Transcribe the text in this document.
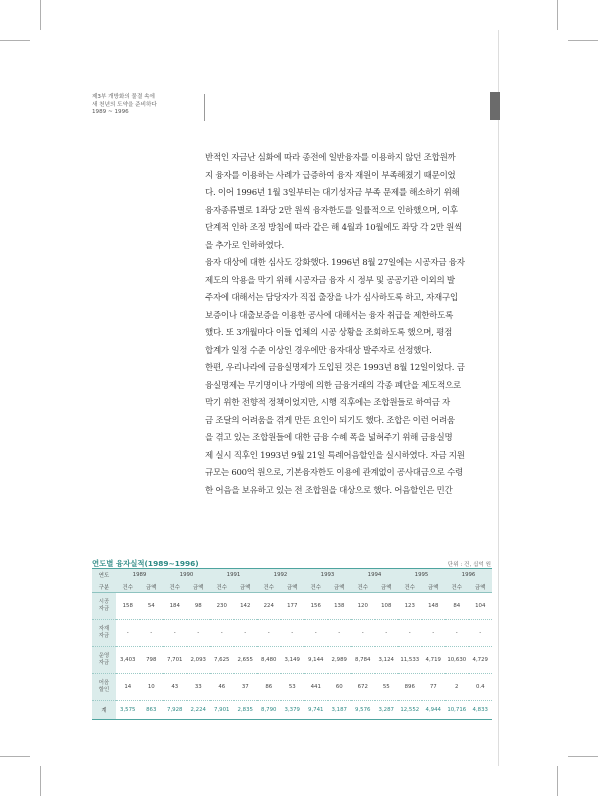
제3부 개방화의 물결 속에
새 천년의 도약을 준비하다
1989 ~ 1996
반적인 자금난 심화에 따라 종전에 일반융자를 이용하지 않던 조합원까
지 융자를 이용하는 사례가 급증하여 융자 재원이 부족해졌기 때문이었
다. 이어 1996년 1월 3일부터는 대기성자금 부족 문제를 해소하기 위해
융자종류별로 1좌당 2만 원씩 융자한도를 일률적으로 인하했으며, 이후
단계적 인하 조정 방침에 따라 같은 해 4월과 10월에도 좌당 각 2만 원씩
을 추가로 인하하였다.
융자 대상에 대한 심사도 강화했다. 1996년 8월 27일에는 시공자금 융자
제도의 악용을 막기 위해 시공자금 융자 시 정부 및 공공기관 이외의 발
주자에 대해서는 담당자가 직접 출장을 나가 심사하도록 하고, 자재구입
보증이나 대출보증을 이용한 공사에 대해서는 융자 취급을 제한하도록
했다. 또 3개월마다 이들 업체의 시공 상황을 조회하도록 했으며, 평점
합계가 일정 수준 이상인 경우에만 융자대상 발주자로 선정했다.
한편, 우리나라에 금융실명제가 도입된 것은 1993년 8월 12일이었다. 금
융실명제는 무기명이나 가명에 의한 금융거래의 각종 폐단을 제도적으로
막기 위한 전향적 정책이었지만, 시행 직후에는 조합원들로 하여금 자
금 조달의 어려움을 겪게 만든 요인이 되기도 했다. 조합은 이런 어려움
을 겪고 있는 조합원들에 대한 금융 수혜 폭을 넓혀주기 위해 금융실명
제 실시 직후인 1993년 9월 21일 특례어음할인을 실시하였다. 자금 지원
규모는 600억 원으로, 기본융자한도 이용에 관계없이 공사대금으로 수령
한 어음을 보유하고 있는 전 조합원을 대상으로 했다. 어음할인은 민간
연도별 융자실적(1989~1996)	단위 : 건, 십억 원
연도	1989		1990		1991		1992		1993		1994		1995		1996	
구분	건수	금액	건수	금액	건수	금액	건수	금액	건수	금액	건수	금액	건수	금액	건수	금액

시공
자금	158	54	184	98	230	142	224	177	156	138	120	108	123	148	84	104

자재
자금	-	-	-	-	-	-	-	-	-	-	-	-	-	-	-	-

운영
자금	3,403	798	7,701	2,093	7,625	2,655	8,480	3,149	9,144	2,989	8,784	3,124	11,533	4,719	10,630	4,729

어음
할인	14	10	43	33	46	37	86	53	441	60	672	55	896	77	2	0.4
계	3,575	863	7,928	2,224	7,901	2,835	8,790	3,379	9,741	3,187	9,576	3,287	12,552	4,944	10,716	4,833
